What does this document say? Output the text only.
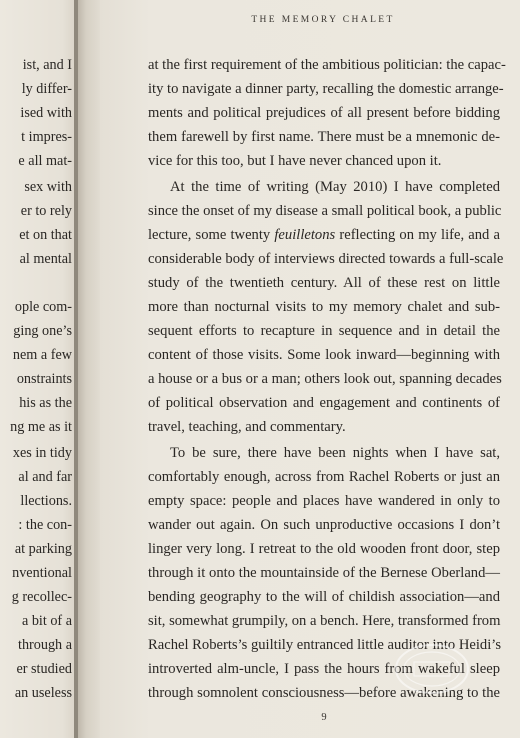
ist, and I
ly differ-
ised with
t impres-
e all mat-
sex with
er to rely
et on that
al mental
ople com-
ging one’s
nem a few
onstraints
his as the
ng me as it
xes in tidy
al and far
llections.
: the con-
at parking
nventional
g recollec-
a bit of a
through a
er studied
an useless
THE MEMORY CHALET
at the first requirement of the ambitious politician: the capac-
ity to navigate a dinner party, recalling the domestic arrange-
ments and political prejudices of all present before bidding
them farewell by first name. There must be a mnemonic de-
vice for this too, but I have never chanced upon it.
At the time of writing (May 2010) I have completed
since the onset of my disease a small political book, a public
lecture, some twenty feuilletons reflecting on my life, and a
considerable body of interviews directed towards a full-scale
study of the twentieth century. All of these rest on little
more than nocturnal visits to my memory chalet and sub-
sequent efforts to recapture in sequence and in detail the
content of those visits. Some look inward—beginning with
a house or a bus or a man; others look out, spanning decades
of political observation and engagement and continents of
travel, teaching, and commentary.
To be sure, there have been nights when I have sat,
comfortably enough, across from Rachel Roberts or just an
empty space: people and places have wandered in only to
wander out again. On such unproductive occasions I don’t
linger very long. I retreat to the old wooden front door, step
through it onto the mountainside of the Bernese Oberland—
bending geography to the will of childish association—and
sit, somewhat grumpily, on a bench. Here, transformed from
Rachel Roberts’s guiltily entranced little auditor into Heidi’s
introverted alm-uncle, I pass the hours from wakeful sleep
through somnolent consciousness—before awakening to the
9
